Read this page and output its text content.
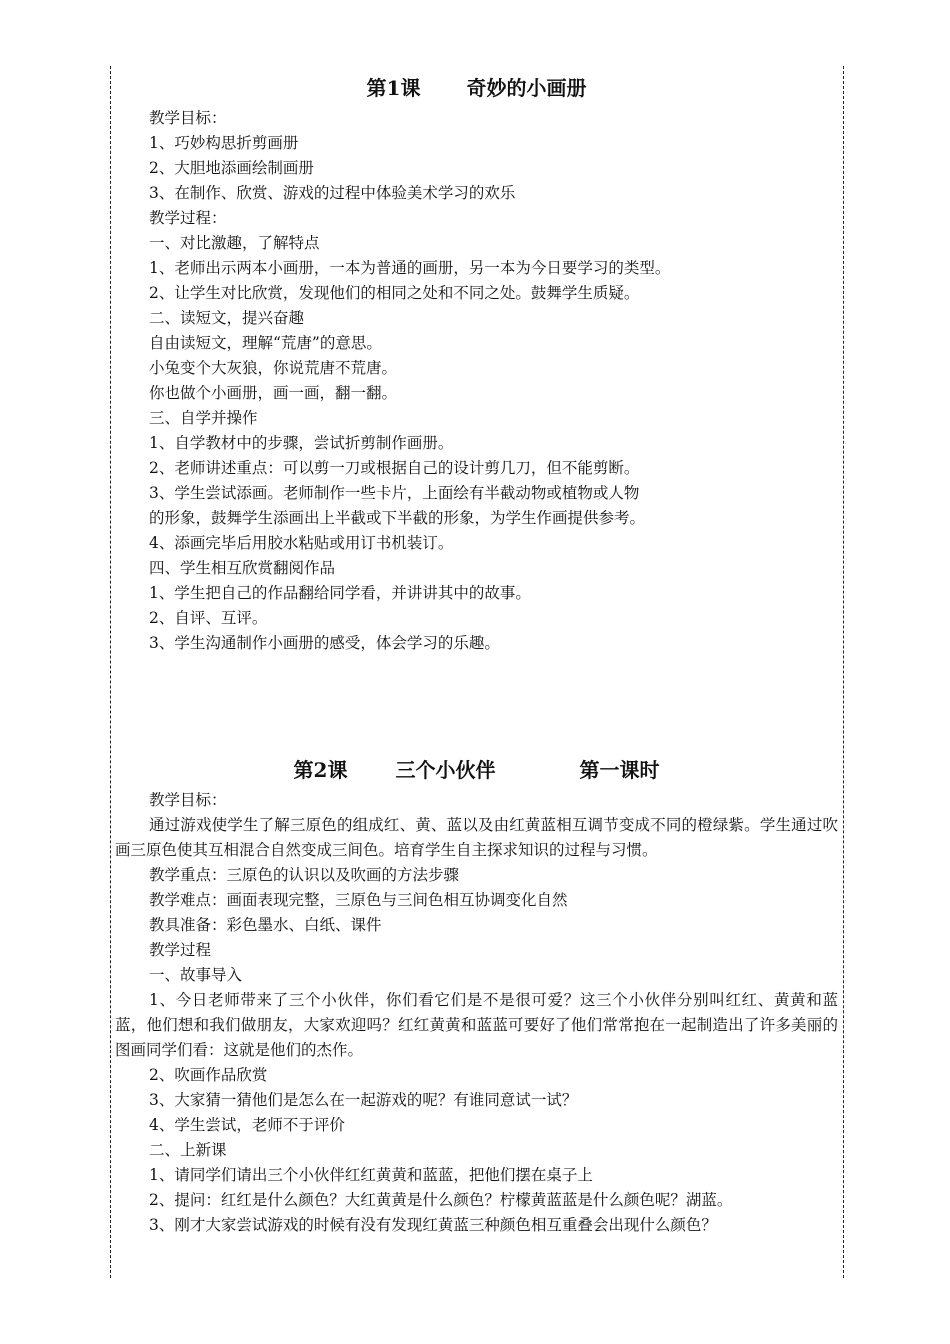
第1课 奇妙的小画册
教学目标：
1、巧妙构思折剪画册
2、大胆地添画绘制画册
3、在制作、欣赏、游戏的过程中体验美术学习的欢乐
教学过程：
一、对比激趣，了解特点
1、老师出示两本小画册，一本为普通的画册，另一本为今日要学习的类型。
2、让学生对比欣赏，发现他们的相同之处和不同之处。鼓舞学生质疑。
二、读短文，提兴奋趣
自由读短文，理解“荒唐”的意思。
小兔变个大灰狼，你说荒唐不荒唐。
你也做个小画册，画一画，翻一翻。
三、自学并操作
1、自学教材中的步骤，尝试折剪制作画册。
2、老师讲述重点：可以剪一刀或根据自己的设计剪几刀，但不能剪断。
3、学生尝试添画。老师制作一些卡片，上面绘有半截动物或植物或人物
的形象，鼓舞学生添画出上半截或下半截的形象，为学生作画提供参考。
4、添画完毕后用胶水粘贴或用订书机装订。
四、学生相互欣赏翻阅作品
1、学生把自己的作品翻给同学看，并讲讲其中的故事。
2、自评、互评。
3、学生沟通制作小画册的感受，体会学习的乐趣。
第2课 三个小伙伴	第一课时
教学目标：
通过游戏使学生了解三原色的组成红、黄、蓝以及由红黄蓝相互调节变成不同的橙绿紫。学生通过吹画三原色使其互相混合自然变成三间色。培育学生自主探求知识的过程与习惯。
教学重点：三原色的认识以及吹画的方法步骤
教学难点：画面表现完整，三原色与三间色相互协调变化自然
教具准备：彩色墨水、白纸、课件
教学过程
一、故事导入
1、今日老师带来了三个小伙伴，你们看它们是不是很可爱？这三个小伙伴分别叫红红、黄黄和蓝蓝，他们想和我们做朋友，大家欢迎吗？红红黄黄和蓝蓝可要好了他们常常抱在一起制造出了许多美丽的图画同学们看：这就是他们的杰作。
2、吹画作品欣赏
3、大家猜一猜他们是怎么在一起游戏的呢？有谁同意试一试？
4、学生尝试，老师不于评价
二、上新课
1、请同学们请出三个小伙伴红红黄黄和蓝蓝，把他们摆在桌子上
2、提问：红红是什么颜色？大红黄黄是什么颜色？柠檬黄蓝蓝是什么颜色呢？湖蓝。
3、刚才大家尝试游戏的时候有没有发现红黄蓝三种颜色相互重叠会出现什么颜色？
